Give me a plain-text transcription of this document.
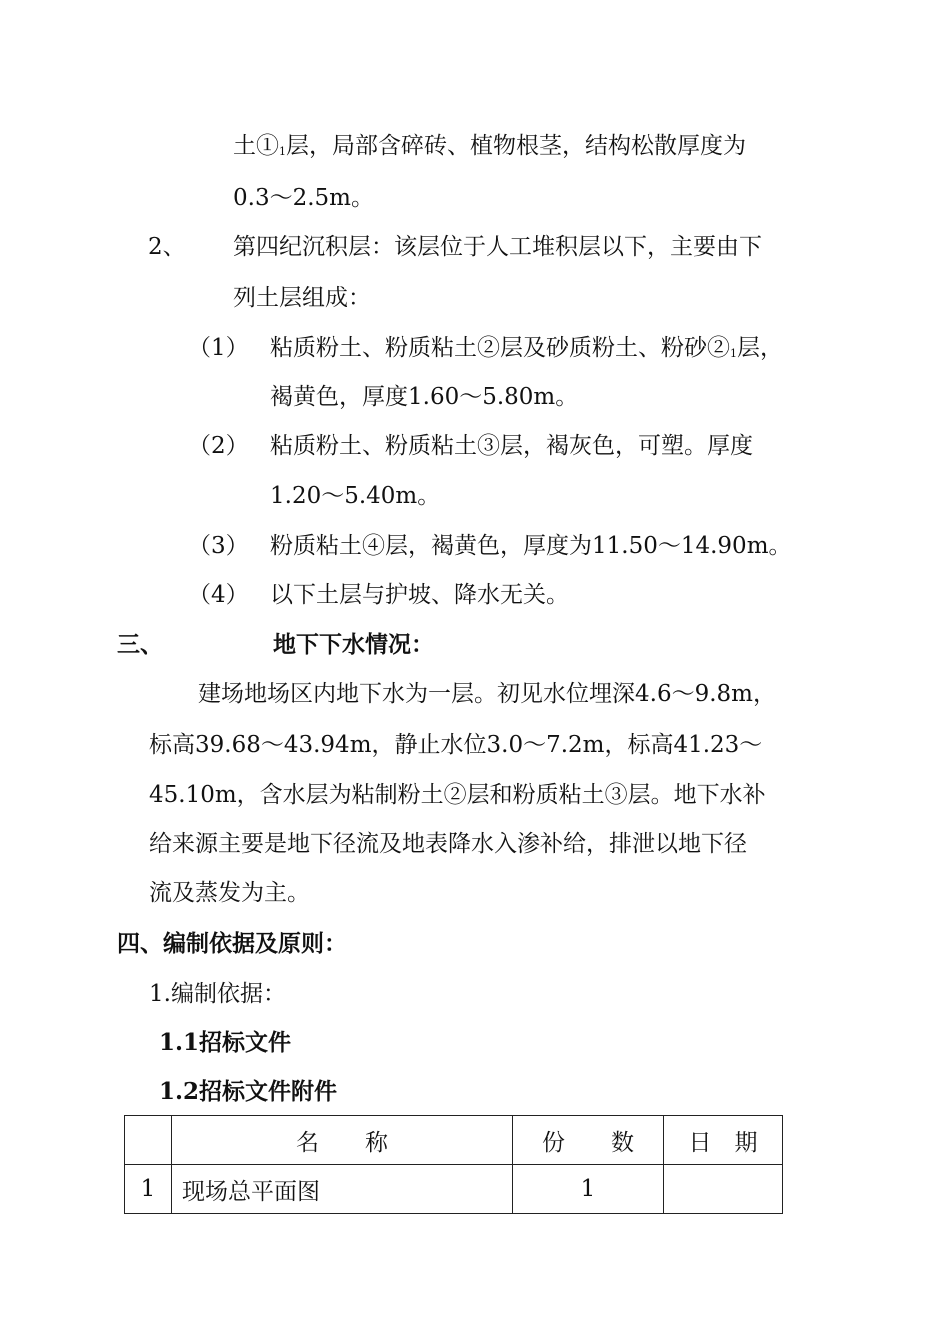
土$①_1$层，局部含碎砖、植物根茎，结构松散厚度为
0.3～2.5m。
2、 第四纪沉积层：该层位于人工堆积层以下，主要由下
列土层组成：
（1） 粘质粉土、粉质粘土②层及砂质粉土、粉砂$②_1$层，
褐黄色，厚度1.60～5.80m。
（2） 粘质粉土、粉质粘土③层，褐灰色，可塑。厚度
1.20～5.40m。
（3） 粉质粘土④层，褐黄色，厚度为11.50～14.90m。
（4） 以下土层与护坡、降水无关。
三、	地下下水情况：
建场地场区内地下水为一层。初见水位埋深4.6～9.8m，
标高39.68～43.94m，静止水位3.0～7.2m，标高41.23～
45.10m，含水层为粘制粉土②层和粉质粘土③层。地下水补
给来源主要是地下径流及地表降水入渗补给，排泄以地下径
流及蒸发为主。
四、编制依据及原则：
1.编制依据：
1.1招标文件
1.2招标文件附件
	名　　称	份　　数	日　期
1	现场总平面图	1	
